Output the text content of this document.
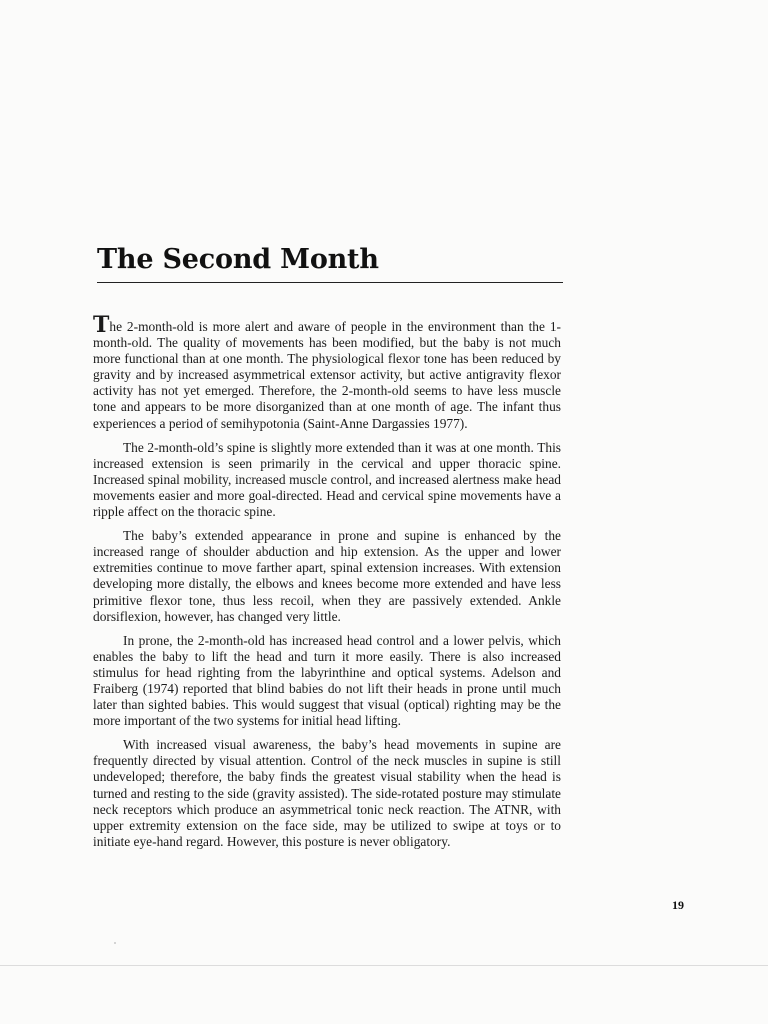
The Second Month

The 2-month-old is more alert and aware of people in the environment than the 1-month-old. The quality of movements has been modified, but the baby is not much more functional than at one month. The physiological flexor tone has been reduced by gravity and by increased asymmetrical extensor activity, but active antigravity flexor activity has not yet emerged. Therefore, the 2-month-old seems to have less muscle tone and appears to be more disorganized than at one month of age. The infant thus experiences a period of semihypotonia (Saint-Anne Dargassies 1977).

The 2-month-old’s spine is slightly more extended than it was at one month. This increased extension is seen primarily in the cervical and upper thoracic spine. Increased spinal mobility, increased muscle control, and increased alertness make head movements easier and more goal-directed. Head and cervical spine movements have a ripple affect on the thoracic spine.

The baby’s extended appearance in prone and supine is enhanced by the increased range of shoulder abduction and hip extension. As the upper and lower extremities continue to move farther apart, spinal extension increases. With extension developing more distally, the elbows and knees become more extended and have less primitive flexor tone, thus less recoil, when they are passively extended. Ankle dorsiflexion, however, has changed very little.

In prone, the 2-month-old has increased head control and a lower pelvis, which enables the baby to lift the head and turn it more easily. There is also increased stimulus for head righting from the labyrinthine and optical systems. Adelson and Fraiberg (1974) reported that blind babies do not lift their heads in prone until much later than sighted babies. This would suggest that visual (optical) righting may be the more important of the two systems for initial head lifting.

With increased visual awareness, the baby’s head movements in supine are frequently directed by visual attention. Control of the neck muscles in supine is still undeveloped; therefore, the baby finds the greatest visual stability when the head is turned and resting to the side (gravity assisted). The side-rotated posture may stimulate neck receptors which produce an asymmetrical tonic neck reaction. The ATNR, with upper extremity extension on the face side, may be utilized to swipe at toys or to initiate eye-hand regard. However, this posture is never obligatory.

19
